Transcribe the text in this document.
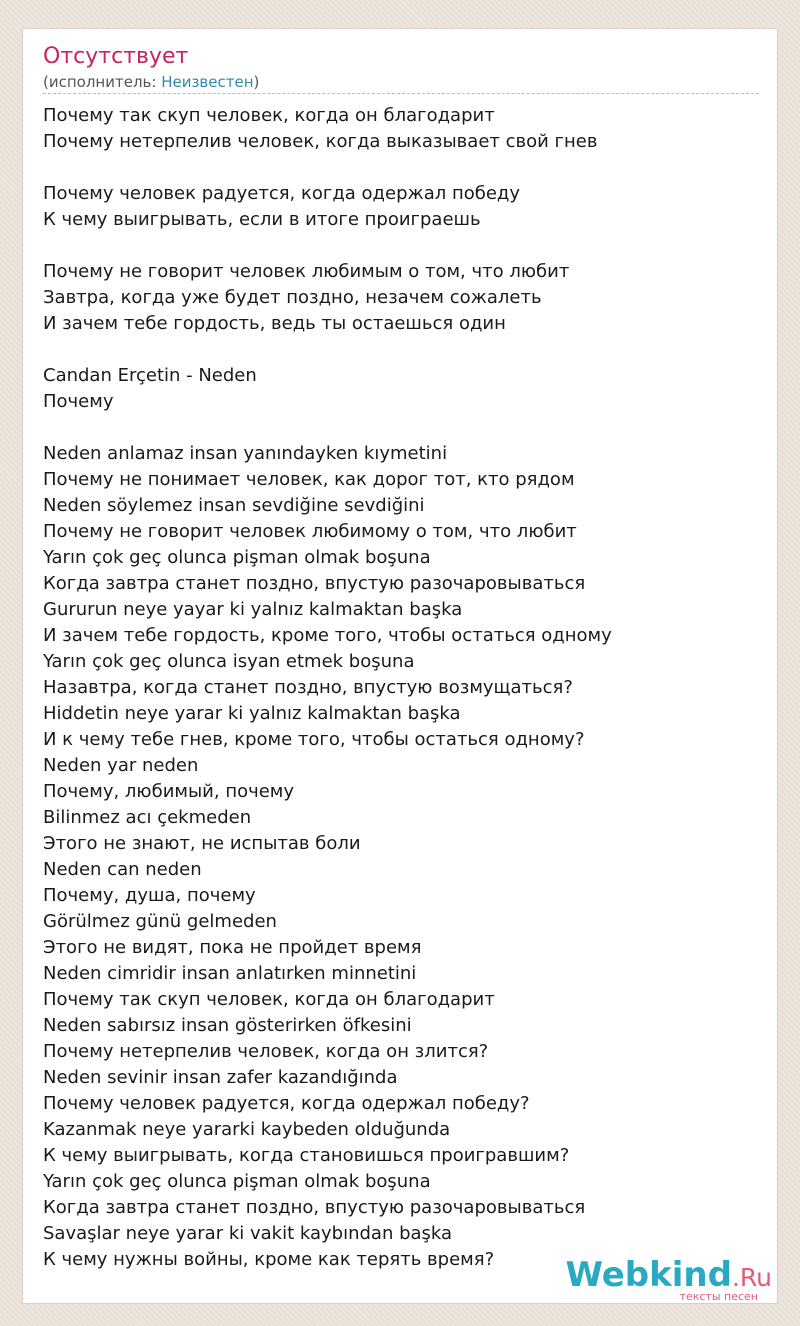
Отсутствует
(исполнитель: Неизвестен)
Почему так скуп человек, когда он благодарит
Почему нетерпелив человек, когда выказывает свой гнев
Почему человек радуется, когда одержал победу
К чему выигрывать, если в итоге проиграешь
Почему не говорит человек любимым о том, что любит
Завтра, когда уже будет поздно, незачем сожалеть
И зачем тебе гордость, ведь ты остаешься один
Candan Erçetin - Neden
Почему
Neden anlamaz insan yanındayken kıymetini
Почему не понимает человек, как дорог тот, кто рядом
Neden söylemez insan sevdiğine sevdiğini
Почему не говорит человек любимому о том, что любит
Yarın çok geç olunca pişman olmak boşuna
Когда завтра станет поздно, впустую разочаровываться
Gururun neye yayar ki yalnız kalmaktan başka
И зачем тебе гордость, кроме того, чтобы остаться одному
Yarın çok geç olunca isyan etmek boşuna
Назавтра, когда станет поздно, впустую возмущаться?
Hiddetin neye yarar ki yalnız kalmaktan başka
И к чему тебе гнев, кроме того, чтобы остаться одному?
Neden yar neden
Почему, любимый, почему
Bilinmez acı çekmeden
Этого не знают, не испытав боли
Neden can neden
Почему, душа, почему
Görülmez günü gelmeden
Этого не видят, пока не пройдет время
Neden cimridir insan anlatırken minnetini
Почему так скуп человек, когда он благодарит
Neden sabırsız insan gösterirken öfkesini
Почему нетерпелив человек, когда он злится?
Neden sevinir insan zafer kazandığında
Почему человек радуется, когда одержал победу?
Kazanmak neye yararki kaybeden olduğunda
К чему выигрывать, когда становишься проигравшим?
Yarın çok geç olunca pişman olmak boşuna
Когда завтра станет поздно, впустую разочаровываться
Savaşlar neye yarar ki vakit kaybından başka
К чему нужны войны, кроме как терять время?	Webkind.Ru
тексты песен
